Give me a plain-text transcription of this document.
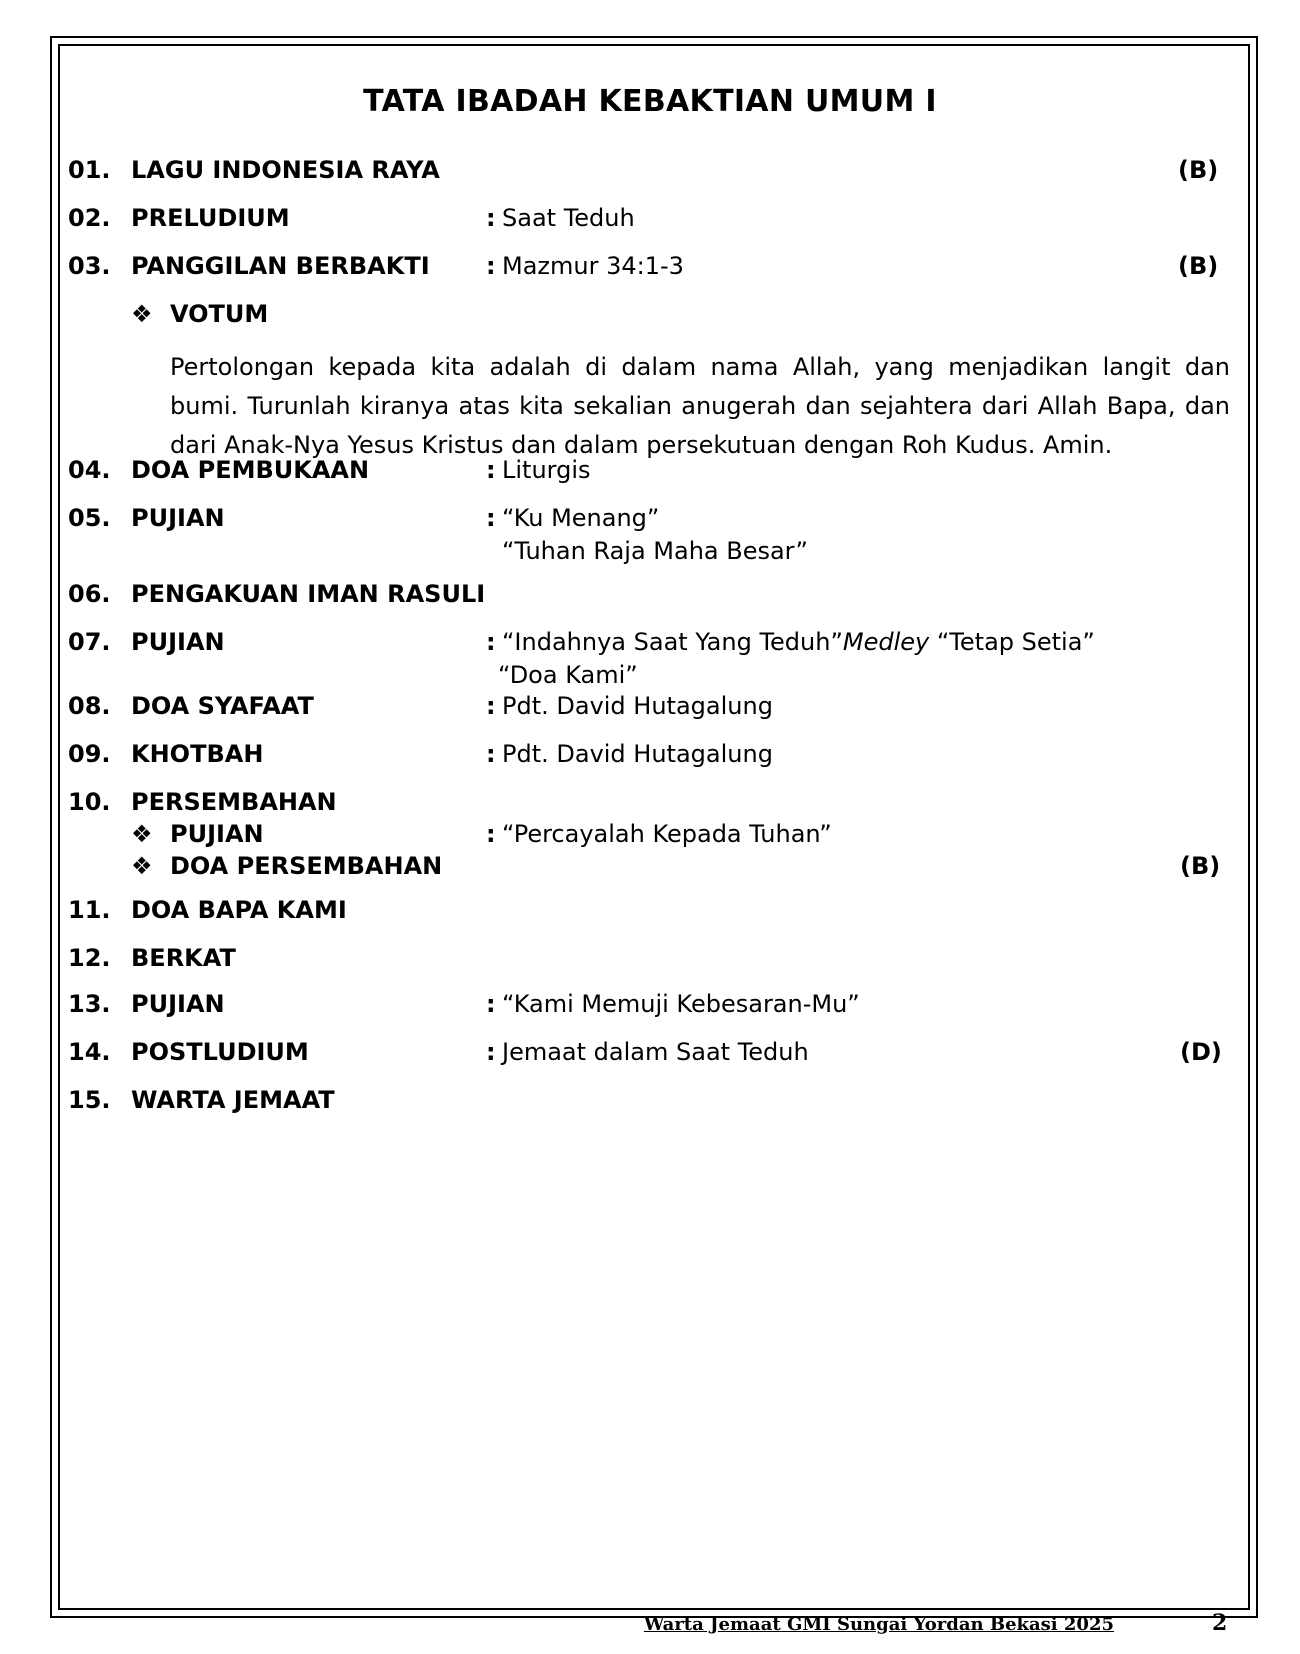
TATA IBADAH KEBAKTIAN UMUM I
01. LAGU INDONESIA RAYA	(B)
02. PRELUDIUM	: Saat Teduh
03. PANGGILAN BERBAKTI : Mazmur 34:1-3	(B)
❖ VOTUM
Pertolongan kepada kita adalah di dalam nama Allah, yang menjadikan langit dan bumi. Turunlah kiranya atas kita sekalian anugerah dan sejahtera dari Allah Bapa, dan dari Anak-Nya Yesus Kristus dan dalam persekutuan dengan Roh Kudus. Amin.
04. DOA PEMBUKAAN	: Liturgis
05. PUJIAN	: “Ku Menang”
“Tuhan Raja Maha Besar”
06. PENGAKUAN IMAN RASULI
07. PUJIAN	: “Indahnya Saat Yang Teduh”Medley “Tetap Setia”
“Doa Kami”
08. DOA SYAFAAT	: Pdt. David Hutagalung
09. KHOTBAH	: Pdt. David Hutagalung
10. PERSEMBAHAN
❖ PUJIAN	: “Percayalah Kepada Tuhan”
❖ DOA PERSEMBAHAN	(B)
11. DOA BAPA KAMI
12. BERKAT
13. PUJIAN	: “Kami Memuji Kebesaran-Mu”
14. POSTLUDIUM	: Jemaat dalam Saat Teduh	(D)
15. WARTA JEMAAT
Warta Jemaat GMI Sungai Yordan Bekasi 2025	2
